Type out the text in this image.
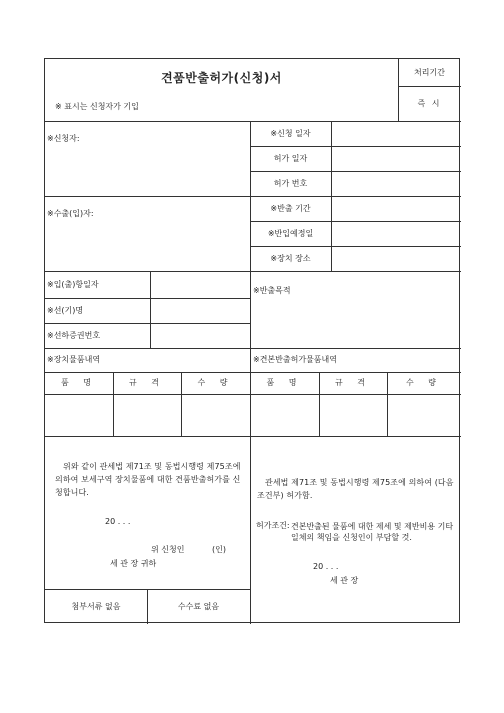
견품반출허가(신청)서
※ 표시는 신청자가 기입
처리기간
즉 시
※신청자:
※수출(입)자:
※신청 일자
허가 일자
허가 번호
※반출 기간
※반입예정일
※장치 장소
※입(출)항일자
※선(기)명
※선하증권번호
※반출목적
※장치물품내역	※견본반출허가물품내역
품 명	규 격	수 량	품 명	규 격	수 량
위와 같이 관세법 제71조 및 동법시행령 제75조에 의하여 보세구역 장치물품에 대한 견품반출허가를 신청합니다.
20 . . .
위 신청인	(인)
세 관 장 귀하
관세법 제71조 및 동법시행령 제75조에 의하여 (다음 조건부) 허가함.
허가조건: 견본반출된 물품에 대한 제세 및 제반비용 기타 일체의 책임을 신청인이 부담할 것.
20 . . .
세 관 장
첨부서류 없음	수수료 없음
